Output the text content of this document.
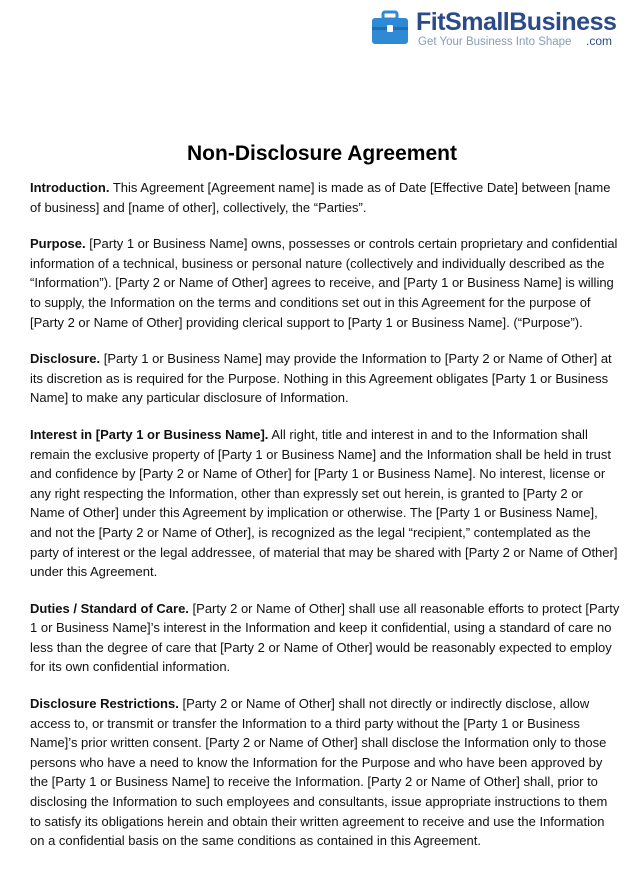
FitSmallBusiness
Get Your Business Into Shape .com
Non-Disclosure Agreement

Introduction. This Agreement [Agreement name] is made as of Date [Effective Date] between [name of business] and [name of other], collectively, the “Parties”.

Purpose. [Party 1 or Business Name] owns, possesses or controls certain proprietary and confidential information of a technical, business or personal nature (collectively and individually described as the “Information”). [Party 2 or Name of Other] agrees to receive, and [Party 1 or Business Name] is willing to supply, the Information on the terms and conditions set out in this Agreement for the purpose of [Party 2 or Name of Other] providing clerical support to [Party 1 or Business Name]. (“Purpose”).

Disclosure. [Party 1 or Business Name] may provide the Information to [Party 2 or Name of Other] at its discretion as is required for the Purpose. Nothing in this Agreement obligates [Party 1 or Business Name] to make any particular disclosure of Information.

Interest in [Party 1 or Business Name]. All right, title and interest in and to the Information shall remain the exclusive property of [Party 1 or Business Name] and the Information shall be held in trust and confidence by [Party 2 or Name of Other] for [Party 1 or Business Name]. No interest, license or any right respecting the Information, other than expressly set out herein, is granted to [Party 2 or Name of Other] under this Agreement by implication or otherwise. The [Party 1 or Business Name], and not the [Party 2 or Name of Other], is recognized as the legal “recipient,” contemplated as the party of interest or the legal addressee, of material that may be shared with [Party 2 or Name of Other] under this Agreement.

Duties / Standard of Care. [Party 2 or Name of Other] shall use all reasonable efforts to protect [Party 1 or Business Name]’s interest in the Information and keep it confidential, using a standard of care no less than the degree of care that [Party 2 or Name of Other] would be reasonably expected to employ for its own confidential information.

Disclosure Restrictions. [Party 2 or Name of Other] shall not directly or indirectly disclose, allow access to, or transmit or transfer the Information to a third party without the [Party 1 or Business Name]’s prior written consent. [Party 2 or Name of Other] shall disclose the Information only to those persons who have a need to know the Information for the Purpose and who have been approved by the [Party 1 or Business Name] to receive the Information. [Party 2 or Name of Other] shall, prior to disclosing the Information to such employees and consultants, issue appropriate instructions to them to satisfy its obligations herein and obtain their written agreement to receive and use the Information on a confidential basis on the same conditions as contained in this Agreement.
